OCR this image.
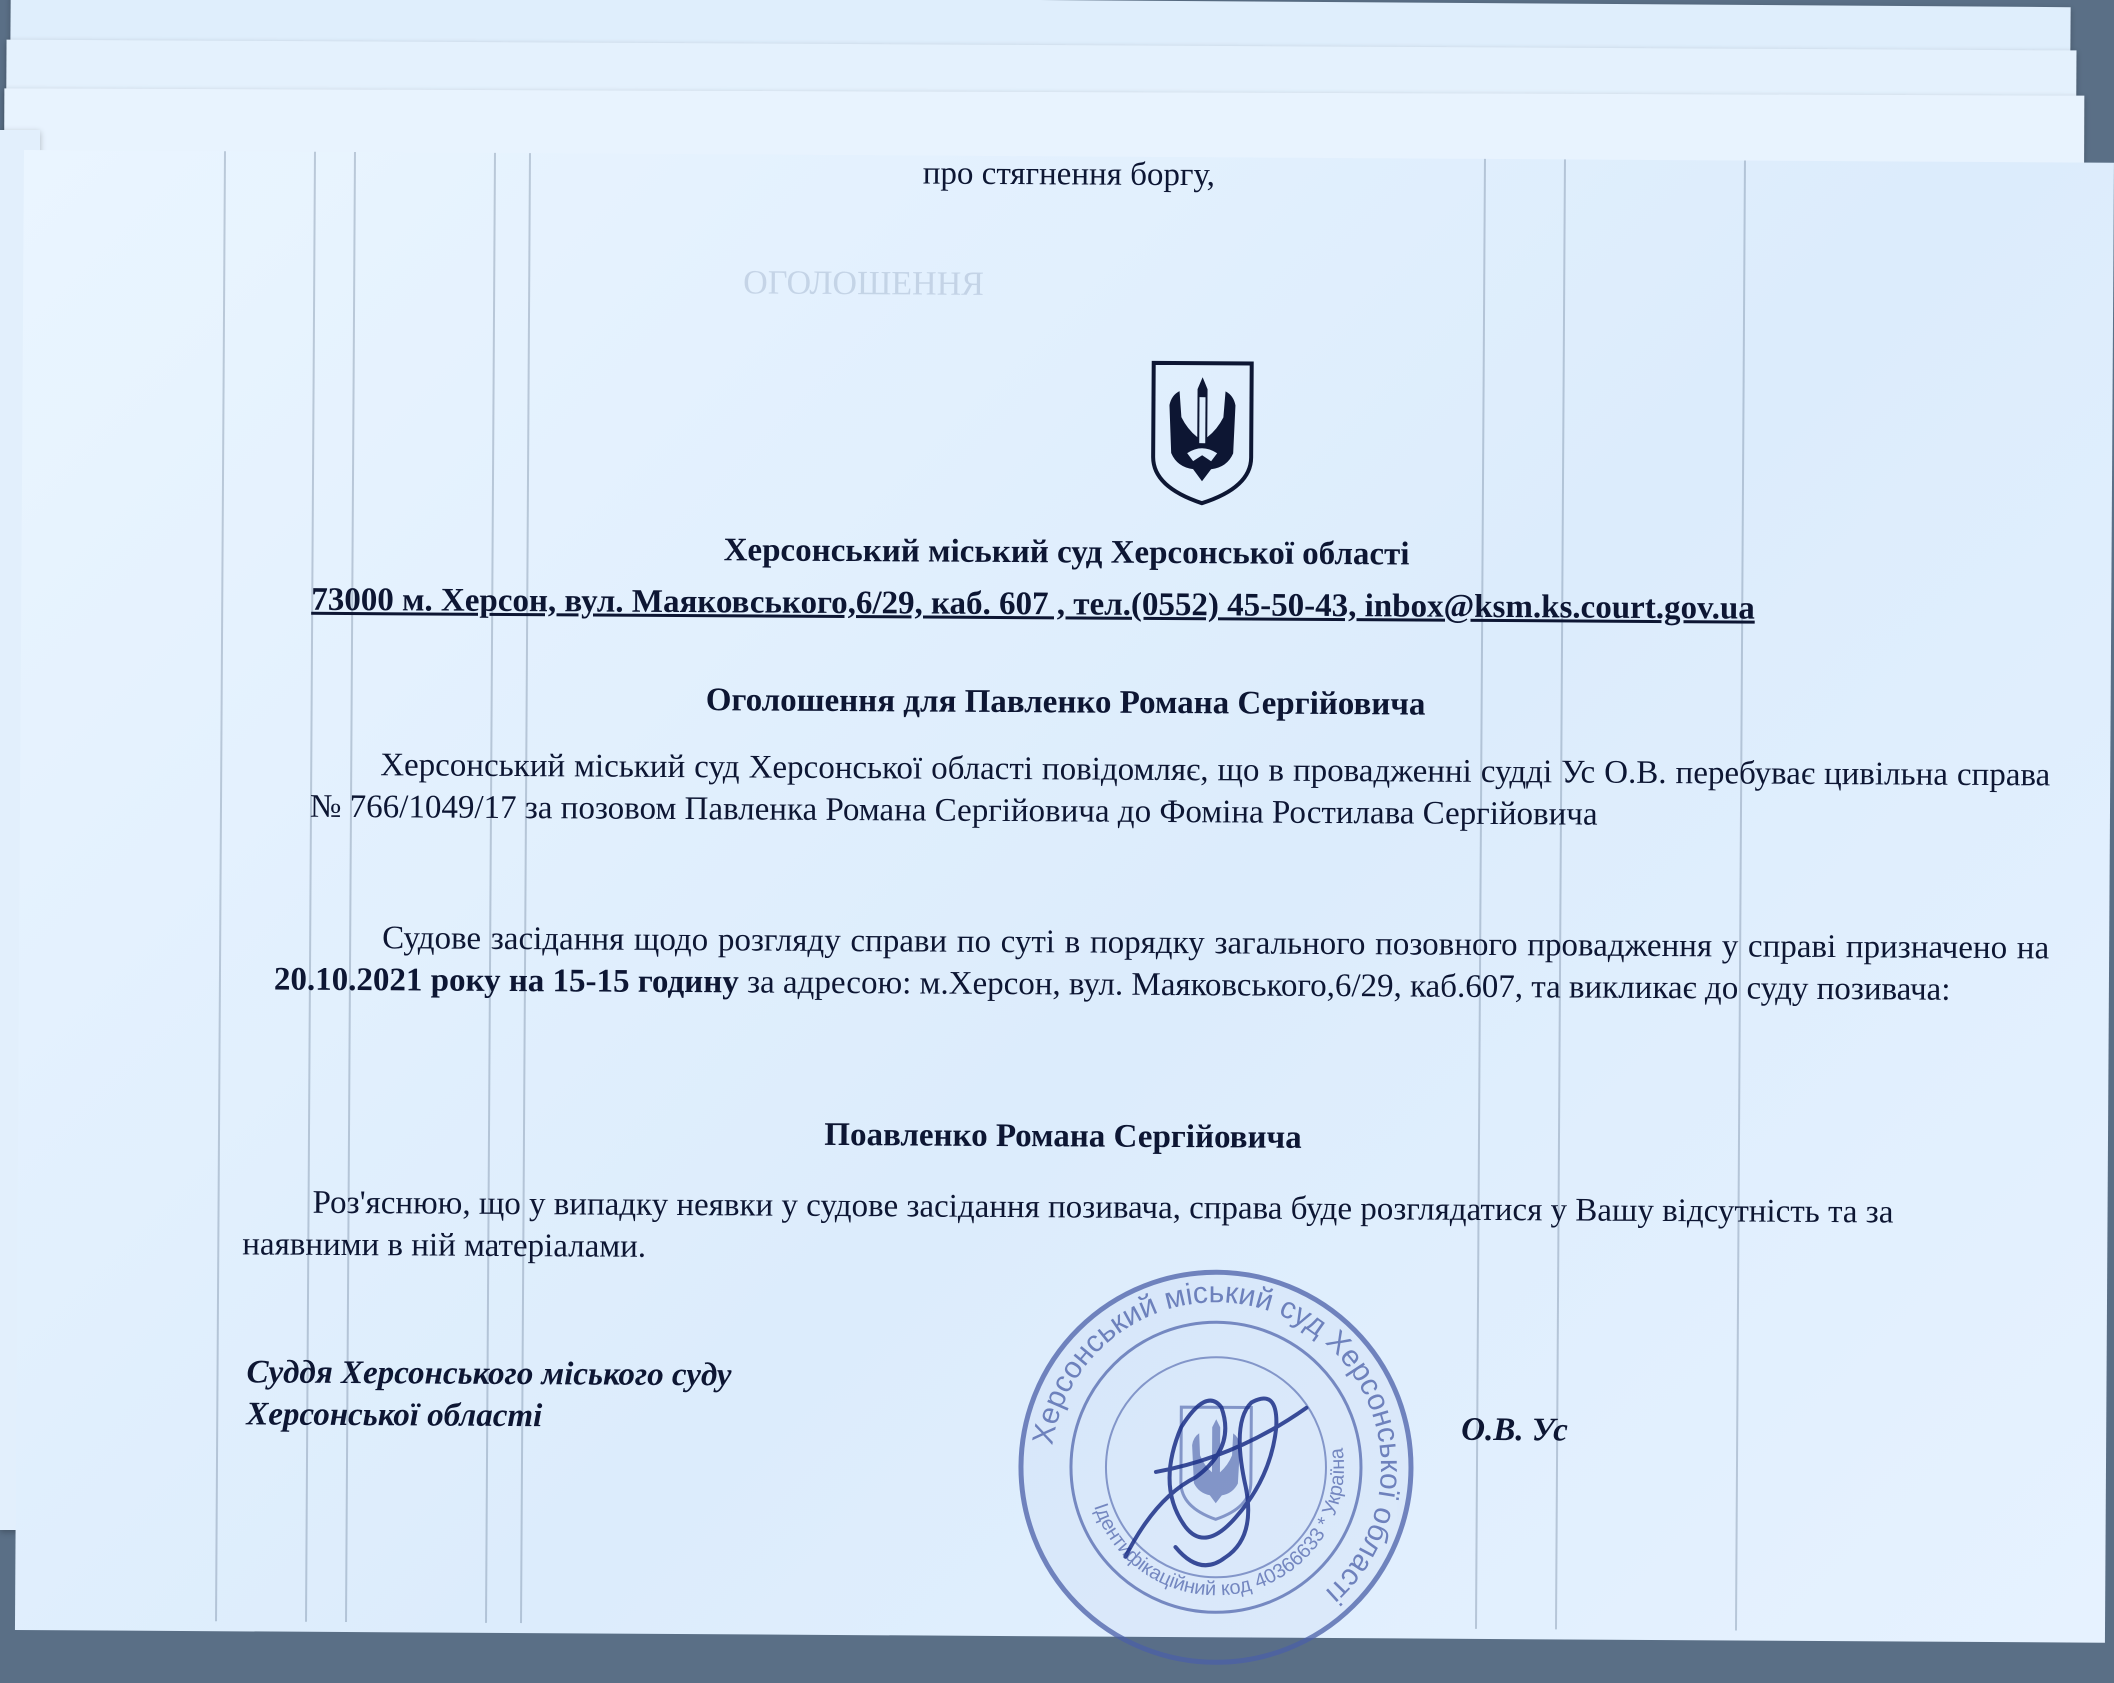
Херсонський міський суд Херсонської області
73000 м. Херсон, вул. Маяковського,6/29, каб. 607 , тел.(0552) 45-50-43, inbox@ksm.ks.court.gov.ua
Оголошення для Павленко Романа Сергійовича
Херсонський міський суд Херсонської області повідомляє, що в провадженні судді Ус О.В. перебуває цивільна справа № 766/1049/17 за позовом Павленка Романа Сергійовича до Фоміна Ростилава Сергійовича
про стягнення боргу,
Судове засідання щодо розгляду справи по суті в порядку загального позовного провадження у справі призначено на 20.10.2021 року на 15-15 годину за адресою: м.Херсон, вул. Маяковського,6/29, каб.607, та викликає до суду позивача:
Поавленко Романа Сергійовича
Роз'яснюю, що у випадку неявки у судове засідання позивача, справа буде розглядатися у Вашу відсутність та за наявними в ній матеріалами.
Суддя Херсонського міського суду
Херсонської області	О.В. Ус
Херсонський міський суд Херсонської області
Ідентифікаційний код 40366633 * Україна
ОГОЛОШЕННЯ
